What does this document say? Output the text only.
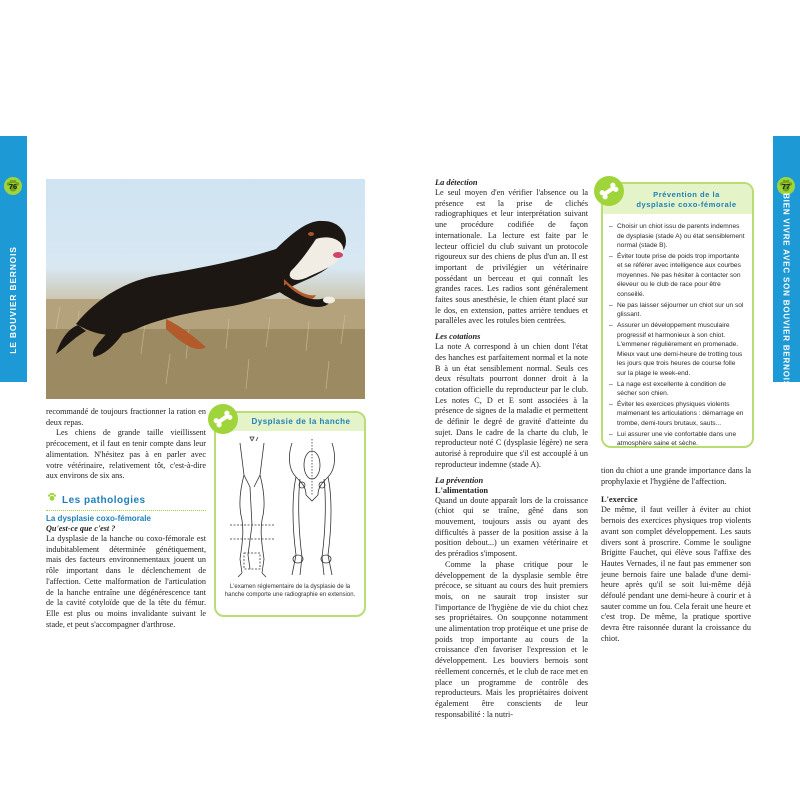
76
LE BOUVIER BERNOIS
77
BIEN VIVRE AVEC SON BOUVIER BERNOIS

recommandé de toujours fractionner la ration en deux repas.

Les chiens de grande taille vieillissent précocement, et il faut en tenir compte dans leur alimentation. N'hésitez pas à en parler avec votre vétérinaire, relativement tôt, c'est-à-dire aux environs de six ans.

Les pathologies
La dysplasie coxo-fémorale
Qu'est-ce que c'est ?
La dysplasie de la hanche ou coxo-fémorale est indubitablement déterminée génétiquement, mais des facteurs environnementaux jouent un rôle important dans le déclenchement de l'affection. Cette malformation de l'articulation de la hanche entraîne une dégénérescence tant de la cavité cotyloïde que de la tête du fémur. Elle est plus ou moins invalidante suivant le stade, et peut s'accompagner d'arthrose.
Dysplasie de la hanche
L'examen réglementaire de la dysplasie de la hanche comporte une radiographie en extension.
La détection
Le seul moyen d'en vérifier l'absence ou la présence est la prise de clichés radiographiques et leur interprétation suivant une procédure codifiée de façon internationale. La lecture est faite par le lecteur officiel du club suivant un protocole rigoureux sur des chiens de plus d'un an. Il est important de privilégier un vétérinaire possédant un berceau et qui connaît les grandes races. Les radios sont généralement faites sous anesthésie, le chien étant placé sur le dos, en extension, pattes arrière tendues et parallèles avec les rotules bien centrées.
Les cotations
La note A correspond à un chien dont l'état des hanches est parfaitement normal et la note B à un état sensiblement normal. Seuls ces deux résultats pourront donner droit à la cotation officielle du reproducteur par le club. Les notes C, D et E sont associées à la présence de signes de la maladie et permettent de définir le degré de gravité d'atteinte du sujet. Dans le cadre de la charte du club, le reproducteur noté C (dysplasie légère) ne sera autorisé à reproduire que s'il est accouplé à un reproducteur indemne (stade A).
La prévention
L'alimentation
Quand un doute apparaît lors de la croissance (chiot qui se traîne, gêné dans son mouvement, toujours assis ou ayant des difficultés à passer de la position assise à la position debout...) un examen vétérinaire et des préradios s'imposent.
Comme la phase critique pour le développement de la dysplasie semble être précoce, se situant au cours des huit premiers mois, on ne saurait trop insister sur l'importance de l'hygiène de vie du chiot chez ses propriétaires. On soupçonne notamment une alimentation trop protéique et une prise de poids trop importante au cours de la croissance d'en favoriser l'expression et le développement. Les bouviers bernois sont réellement concernés, et le club de race met en place un programme de contrôle des reproducteurs. Mais les propriétaires doivent également être conscients de leur responsabilité : la nutri-
Prévention de la
dysplasie coxo-fémorale
– Choisir un chiot issu de parents indemnes de dysplasie (stade A) ou état sensiblement normal (stade B).
– Éviter toute prise de poids trop importante et se référer avec intelligence aux courbes moyennes. Ne pas hésiter à contacter son éleveur ou le club de race pour être conseillé.
– Ne pas laisser séjourner un chiot sur un sol glissant.
– Assurer un développement musculaire progressif et harmonieux à son chiot. L'emmener régulièrement en promenade. Mieux vaut une demi-heure de trotting tous les jours que trois heures de course folle sur la plage le week-end.
– La nage est excellente à condition de sécher son chien.
– Éviter les exercices physiques violents malmenant les articulations : démarrage en trombe, demi-tours brutaux, sauts...
– Lui assurer une vie confortable dans une atmosphère saine et sèche.
tion du chiot a une grande importance dans la prophylaxie et l'hygiène de l'affection.
L'exercice
De même, il faut veiller à éviter au chiot bernois des exercices physiques trop violents avant son complet développement. Les sauts divers sont à proscrire. Comme le souligne Brigitte Fauchet, qui élève sous l'affixe des Hautes Vernades, il ne faut pas emmener son jeune bernois faire une balade d'une demi-heure après qu'il se soit lui-même déjà défoulé pendant une demi-heure à courir et à sauter comme un fou. Cela ferait une heure et c'est trop. De même, la pratique sportive devra être raisonnée durant la croissance du chiot.
